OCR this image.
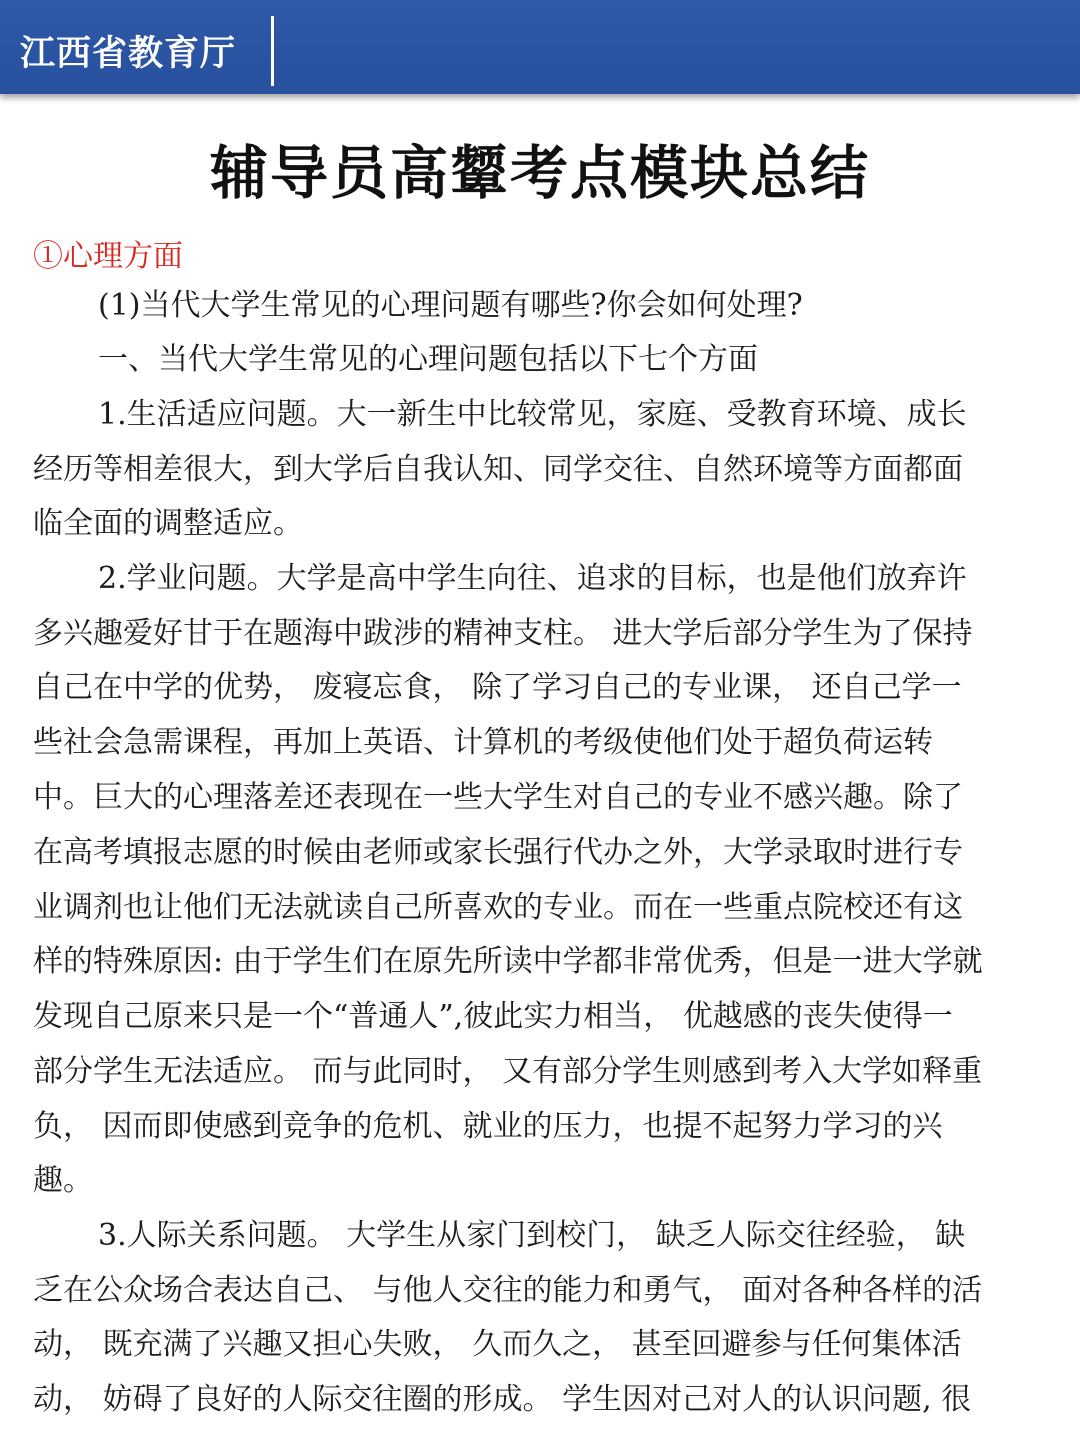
江西省教育厅
辅导员高颦考点模块总结
①心理方面
(1)当代大学生常见的心理问题有哪些?你会如何处理?
一、当代大学生常见的心理问题包括以下七个方面
1.生活适应问题。大一新生中比较常见，家庭、受教育环境、成长
经历等相差很大，到大学后自我认知、同学交往、自然环境等方面都面
临全面的调整适应。
2.学业问题。大学是高中学生向往、追求的目标，也是他们放弃许
多兴趣爱好甘于在题海中跋涉的精神支柱。 进大学后部分学生为了保持
自己在中学的优势， 废寝忘食， 除了学习自己的专业课， 还自己学一
些社会急需课程，再加上英语、计算机的考级使他们处于超负荷运转
中。巨大的心理落差还表现在一些大学生对自己的专业不感兴趣。除了
在高考填报志愿的时候由老师或家长强行代办之外，大学录取时进行专
业调剂也让他们无法就读自己所喜欢的专业。而在一些重点院校还有这
样的特殊原因: 由于学生们在原先所读中学都非常优秀，但是一进大学就
发现自己原来只是一个“普通人”,彼此实力相当， 优越感的丧失使得一
部分学生无法适应。 而与此同时， 又有部分学生则感到考入大学如释重
负， 因而即使感到竞争的危机、就业的压力，也提不起努力学习的兴
趣。
3.人际关系问题。 大学生从家门到校门， 缺乏人际交往经验， 缺
乏在公众场合表达自己、 与他人交往的能力和勇气， 面对各种各样的活
动， 既充满了兴趣又担心失败， 久而久之， 甚至回避参与任何集体活
动， 妨碍了良好的人际交往圈的形成。 学生因对己对人的认识问题, 很
